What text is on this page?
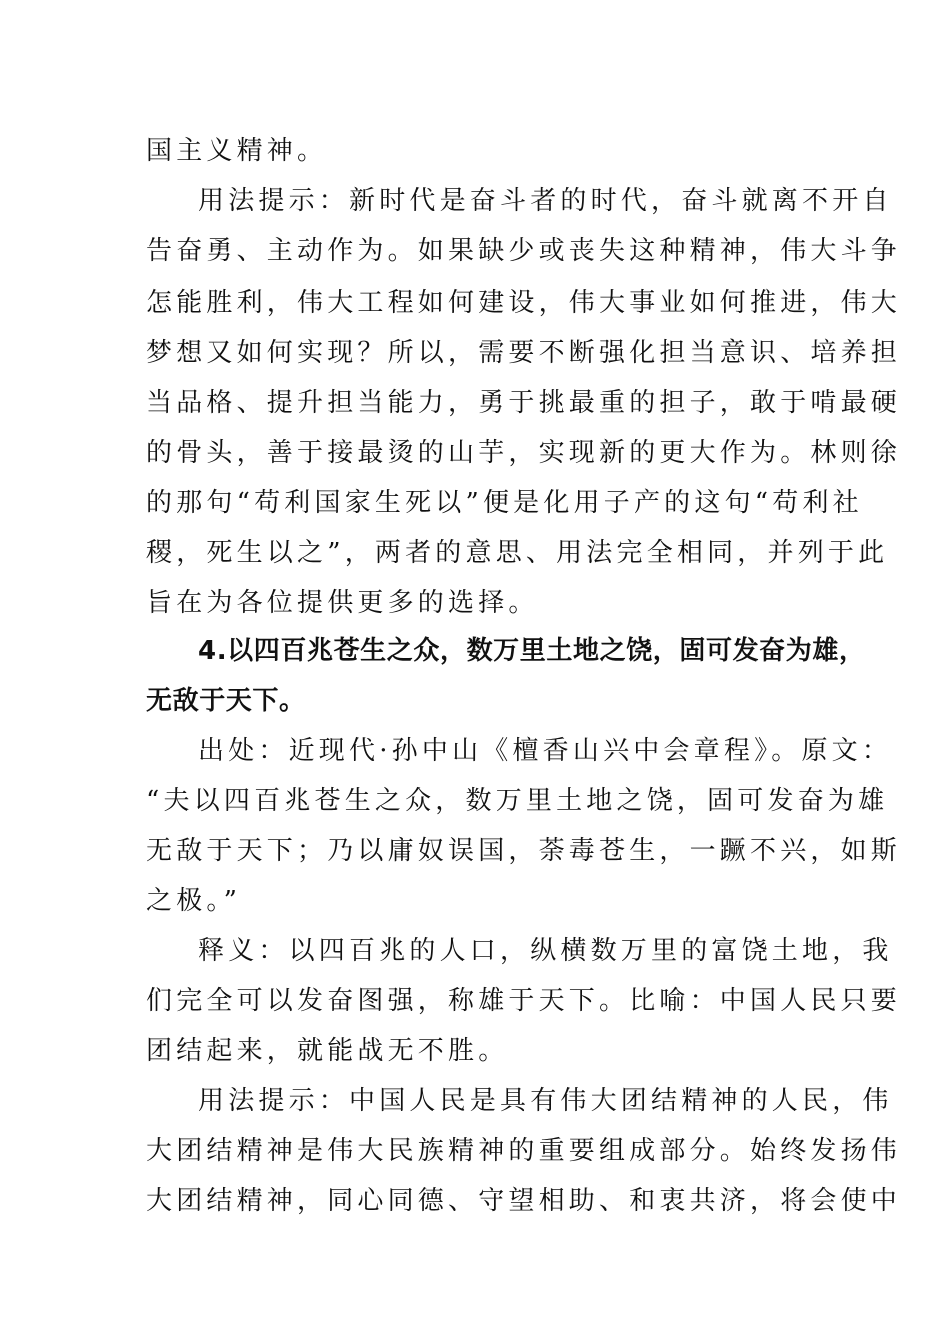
国主义精神。
用法提示：新时代是奋斗者的时代，奋斗就离不开自
告奋勇、主动作为。如果缺少或丧失这种精神，伟大斗争
怎能胜利，伟大工程如何建设，伟大事业如何推进，伟大
梦想又如何实现？所以，需要不断强化担当意识、培养担
当品格、提升担当能力，勇于挑最重的担子，敢于啃最硬
的骨头，善于接最烫的山芋，实现新的更大作为。林则徐
的那句“苟利国家生死以”便是化用子产的这句“苟利社
稷，死生以之”，两者的意思、用法完全相同，并列于此
旨在为各位提供更多的选择。
4.以四百兆苍生之众，数万里土地之饶，固可发奋为雄，
无敌于天下。
出处：近现代·孙中山《檀香山兴中会章程》。原文：
“夫以四百兆苍生之众，数万里土地之饶，固可发奋为雄
无敌于天下；乃以庸奴误国，荼毒苍生，一蹶不兴，如斯
之极。”
释义：以四百兆的人口，纵横数万里的富饶土地，我
们完全可以发奋图强，称雄于天下。比喻：中国人民只要
团结起来，就能战无不胜。
用法提示：中国人民是具有伟大团结精神的人民，伟
大团结精神是伟大民族精神的重要组成部分。始终发扬伟
大团结精神，同心同德、守望相助、和衷共济，将会使中
